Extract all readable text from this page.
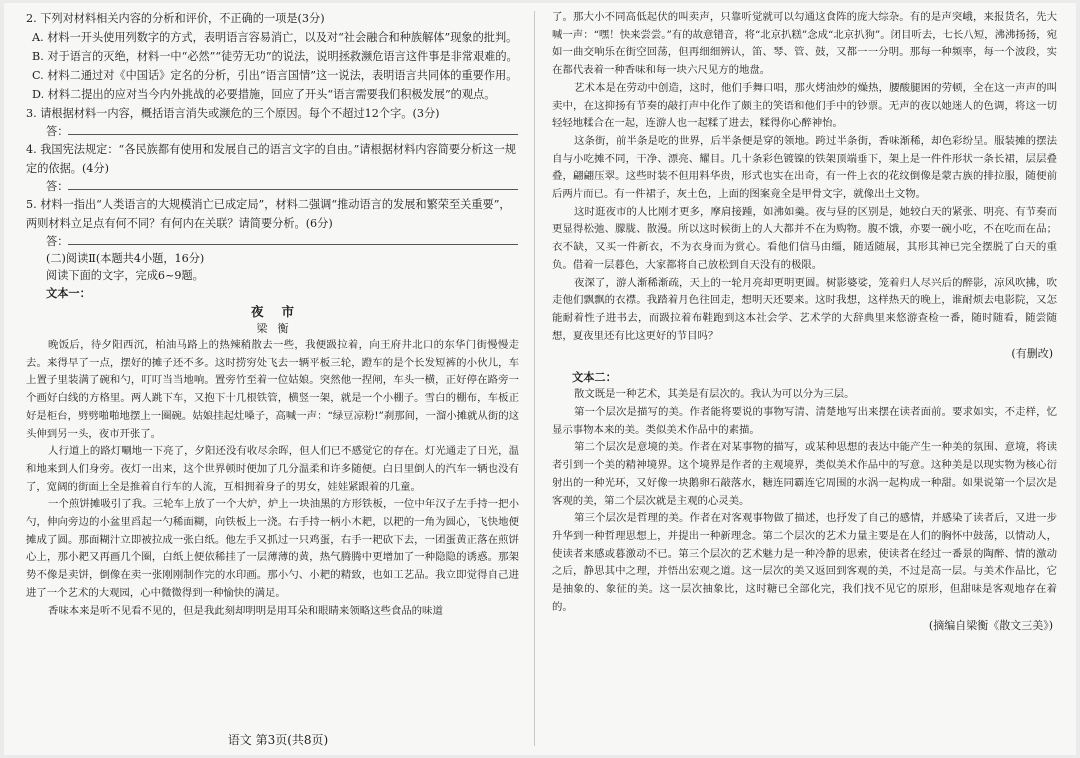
2. 下列对材料相关内容的分析和评价，不正确的一项是(3分)

A. 材料一开头使用列数字的方式，表明语言容易消亡，以及对“社会融合和种族解体”现象的批判。

B. 对于语言的灭绝，材料一中“必然”“徒劳无功”的说法，说明拯救濒危语言这件事是非常艰难的。

C. 材料二通过对《中国话》定名的分析，引出“语言国情”这一说法，表明语言共同体的重要作用。

D. 材料二提出的应对当今内外挑战的必要措施，回应了开头“语言需要我们积极发展”的观点。

3. 请根据材料一内容，概括语言消失或濒危的三个原因。每个不超过12个字。(3分)

答：

4. 我国宪法规定：“各民族都有使用和发展自己的语言文字的自由。”请根据材料内容简要分析这一规定的依据。(4分)

答：

5. 材料一指出“人类语言的大规模消亡已成定局”，材料二强调“推动语言的发展和繁荣至关重要”，两则材料立足点有何不同？有何内在关联？请简要分析。(6分)

答：

(二)阅读Ⅱ(本题共4小题，16分)

阅读下面的文字，完成6~9题。

文本一：

夜市

梁衡

晚饭后，待夕阳西沉，柏油马路上的热辣稍散去一些，我便趿拉着，向王府井北口的东华门街慢慢走去。来得早了一点，摆好的摊子还不多。这时捞穷处飞去一辆平板三轮，蹬车的是个长发短裤的小伙儿，车上置子里装满了碗和勺，叮叮当当地响。置旁竹至着一位姑娘。突然他一捏闸，车头一横，正好停在路旁一个画好白线的方格里。两人跳下车，又抱下十几根铁管，横竖一架，就是一个小棚子。雪白的棚布，车板正好是柜台，劈劈啪啪地摆上一圈碗。姑娘挂起灶嗓子，高喊一声：“绿豆凉粉!”刹那间，一溜小摊就从街的这头伸到另一头，夜市开张了。

人行道上的路灯唰地一下亮了，夕阳还没有收尽余晖，但人们已不感觉它的存在。灯光通走了日光，温和地来到人们身旁。夜灯一出来，这个世界顿时便加了几分温柔和许多随便。白日里倒人的汽车一辆也没有了，宽阔的街面上全是推着自行车的人流，互相拥着身子的男女，娃娃紧跟着的几童。

一个煎饼摊吸引了我。三轮车上放了一个大炉，炉上一块油黑的方形铁板，一位中年汉子左手持一把小勺，伸向旁边的小盆里舀起一勺稀面糊，向铁板上一浇。右手持一柄小木耙，以耙的一角为圆心，飞快地便摊成了圆。那面糊汁立即被拉成一张白纸。他左手又抓过一只鸡蛋，右手一耙砍下去，一团蛋黄正落在煎饼心上，那小耙又再画几个圈，白纸上便依稀挂了一层薄薄的黄，热气腾腾中更增加了一种隐隐的诱惑。那架势不像是卖饼，倒像在卖一张刚刚制作完的水印画。那小勺、小耙的精致，也如工艺品。我立即觉得自己进进了一个艺术的大观园，心中微微得到一种愉快的满足。

香味本来是听不见看不见的，但是我此刻却明明是用耳朵和眼睛来领略这些食品的味道

了。那大小不同高低起伏的叫卖声，只靠听觉就可以勾通这食阵的庞大综杂。有的是声突峨，来报货名，先大喊一声：“嘿！快来尝尝。”有的故意错音，将“北京扒糕”念成“北京扒狗”。闭目听去，七长八短，沸沸扬扬，宛如一曲交响乐在街空回荡，但再细细辨认，笛、琴、管、鼓，又都一一分明。那每一种频率，每一个波段，实在都代表着一种香味和每一块六尺见方的地盘。

艺术本是在劳动中创造，这时，他们手舞口唱，那火烤油炒的燥热，腰酸腿困的劳顿，全在这一声声的叫卖中，在这抑扬有节奏的敲打声中化作了颇主的笑语和他们手中的钞票。无声的夜以她迷人的色调，将这一切轻轻地糅合在一起，连游人也一起糅了进去，糅得你心醉神怡。

这条街，前半条是吃的世界，后半条便是穿的领地。跨过半条街，香味渐稀，却色彩纷呈。服装摊的摆法自与小吃摊不同，干净、漂亮、耀目。几十条彩色镀镍的铁架顶端垂下，架上是一件件形状一条长裙，层层叠叠，翩翩压翠。这些时装不但用料华贵，形式也实在出奇，有一件上衣的花纹倒像是蒙古族的排拉服，随便前后两片而已。有一件裙子，灰土色，上面的图案竟全是甲骨文字，就像出土文物。

这时逛夜市的人比刚才更多，摩肩接踵，如沸如羹。夜与昼的区别是，她较白天的紧张、明亮、有节奏而更显得松弛、朦胧、散漫。所以这时候街上的人大都并不在为购物。腹不饿，亦要一碗小吃，不在吃而在品；衣不缺，又买一件新衣，不为衣身而为赏心。看他们信马由缰，随适随展，其形其神已完全摆脱了白天的重负。借着一层暮色，大家都将自己放松到自天没有的极限。

夜深了，游人渐稀渐疏，天上的一轮月亮却更明更圆。树影婆娑，笼着归人尽兴后的醉影，凉风吹拂，吹走他们飘飘的衣襟。我踏着月色往回走，想明天还要来。这时我想，这样热天的晚上，谁耐烦去电影院，又怎能耐着性子进书去，而趿拉着布鞋跑到这本社会学、艺术学的大辞典里来悠游查检一番，随时随看，随尝随想，夏夜里还有比这更好的节目吗？

(有删改)

文本二：

散文既是一种艺术，其美是有层次的。我认为可以分为三层。

第一个层次是描写的美。作者能将要说的事物写清、清楚地写出来摆在读者面前。要求如实，不走样，忆显示事物本来的美。类似美术作品中的素描。

第二个层次是意境的美。作者在对某事物的描写，或某种思想的表达中能产生一种美的氛围、意境，将读者引到一个美的精神境界。这个境界是作者的主观境界，类似美术作品中的写意。这种美是以现实物为核心衍射出的一种光环，又好像一块鹅卵石敲落水，糖连同霸连它周围的水涡一起构成一种甜。如果说第一个层次是客观的美，第二个层次就是主观的心灵美。

第三个层次是哲理的美。作者在对客观事物做了描述，也抒发了自己的感情，并感染了读者后，又进一步升华到一种哲理思想上，并提出一种新理念。第二个层次的艺术力量主要是在人们的胸怀中鼓荡，以情动人，使读者来感或暮激动不已。第三个层次的艺术魅力是一种冷静的思索，使读者在经过一番景的陶醉、情的激动之后，静思其中之理，并悟出宏观之道。这一层次的美又返回到客观的美，不过是高一层。与美术作品比，它是抽象的、象征的美。这一层次抽象比，这时糖已全部化完，我们找不见它的原形，但甜味是客观地存在着的。

(摘编自梁衡《散文三美》)

语文 第3页(共8页)
